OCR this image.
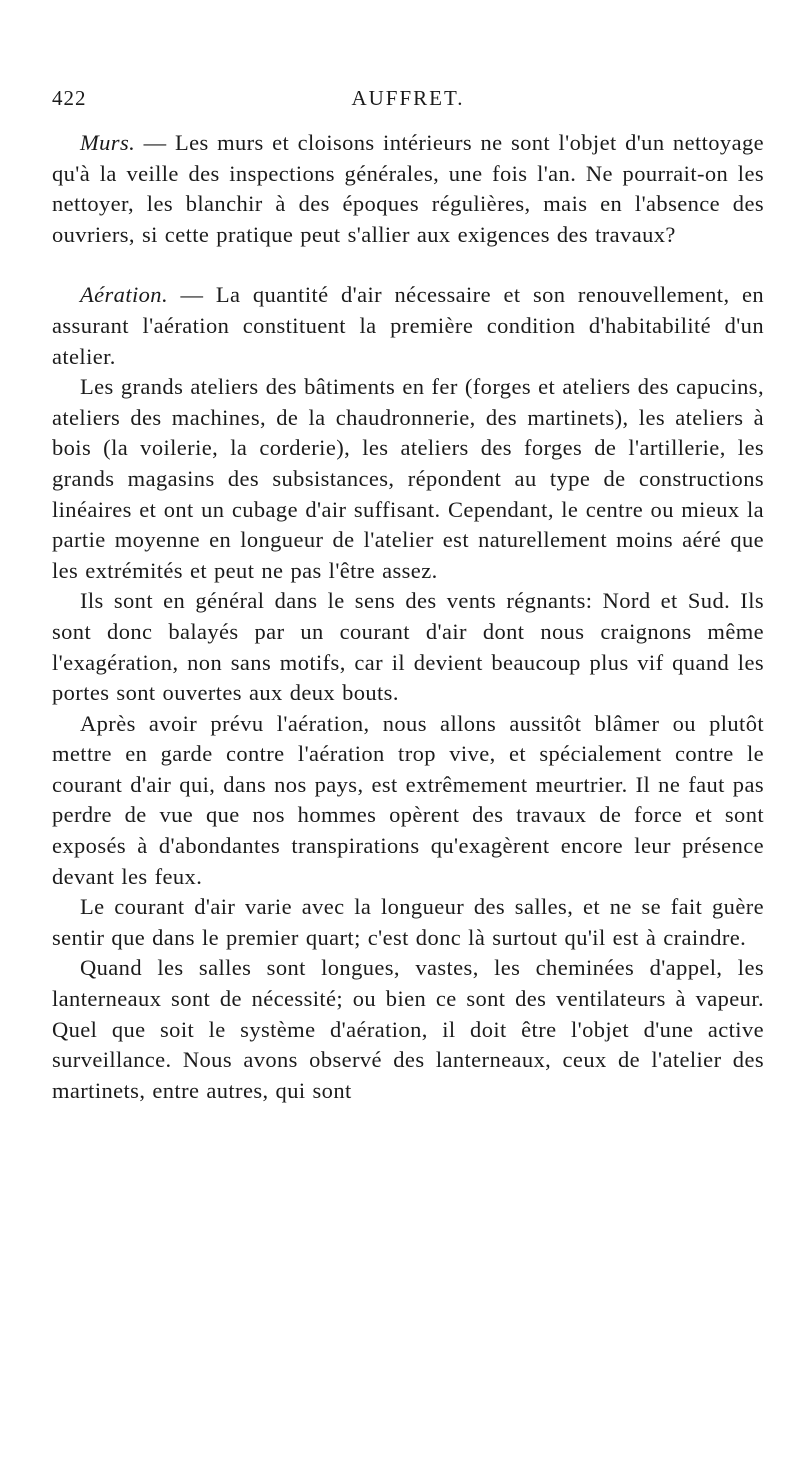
422	AUFFRET.

Murs. — Les murs et cloisons intérieurs ne sont l'objet d'un nettoyage qu'à la veille des inspections générales, une fois l'an. Ne pourrait-on les nettoyer, les blanchir à des époques régulières, mais en l'absence des ouvriers, si cette pratique peut s'allier aux exigences des travaux?

Aération. — La quantité d'air nécessaire et son renouvellement, en assurant l'aération constituent la première condition d'habitabilité d'un atelier.

Les grands ateliers des bâtiments en fer (forges et ateliers des capucins, ateliers des machines, de la chaudronnerie, des martinets), les ateliers à bois (la voilerie, la corderie), les ateliers des forges de l'artillerie, les grands magasins des subsistances, répondent au type de constructions linéaires et ont un cubage d'air suffisant. Cependant, le centre ou mieux la partie moyenne en longueur de l'atelier est naturellement moins aéré que les extrémités et peut ne pas l'être assez.

Ils sont en général dans le sens des vents régnants: Nord et Sud. Ils sont donc balayés par un courant d'air dont nous craignons même l'exagération, non sans motifs, car il devient beaucoup plus vif quand les portes sont ouvertes aux deux bouts.

Après avoir prévu l'aération, nous allons aussitôt blâmer ou plutôt mettre en garde contre l'aération trop vive, et spécialement contre le courant d'air qui, dans nos pays, est extrêmement meurtrier. Il ne faut pas perdre de vue que nos hommes opèrent des travaux de force et sont exposés à d'abondantes transpirations qu'exagèrent encore leur présence devant les feux.

Le courant d'air varie avec la longueur des salles, et ne se fait guère sentir que dans le premier quart; c'est donc là surtout qu'il est à craindre.

Quand les salles sont longues, vastes, les cheminées d'appel, les lanterneaux sont de nécessité; ou bien ce sont des ventilateurs à vapeur. Quel que soit le système d'aération, il doit être l'objet d'une active surveillance. Nous avons observé des lanterneaux, ceux de l'atelier des martinets, entre autres, qui sont
